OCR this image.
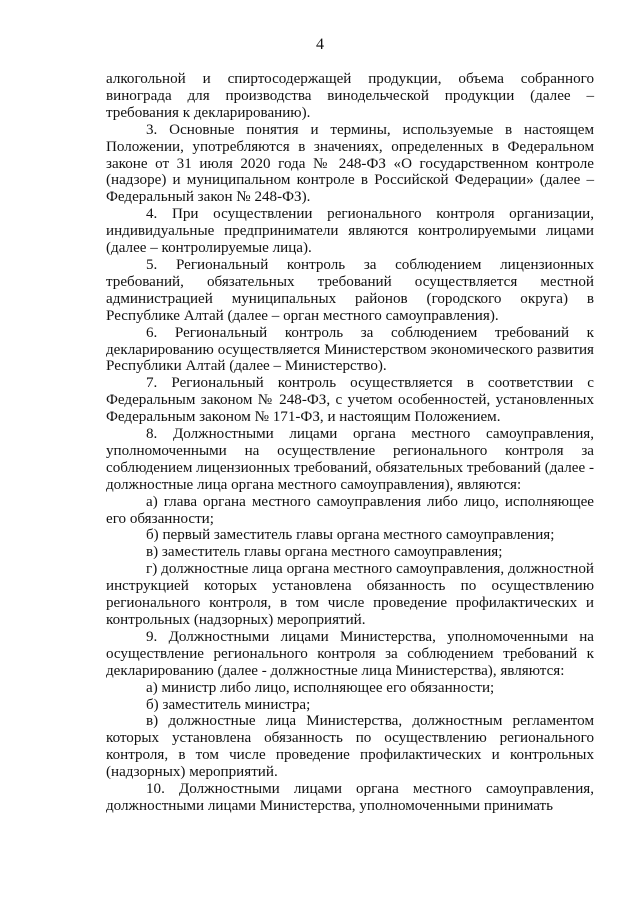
4

алкогольной и спиртосодержащей продукции, объема собранного винограда для производства винодельческой продукции (далее – требования к декларированию).

3. Основные понятия и термины, используемые в настоящем Положении, употребляются в значениях, определенных в Федеральном законе от 31 июля 2020 года № 248-ФЗ «О государственном контроле (надзоре) и муниципальном контроле в Российской Федерации» (далее – Федеральный закон № 248-ФЗ).

4. При осуществлении регионального контроля организации, индивидуальные предприниматели являются контролируемыми лицами (далее – контролируемые лица).

5. Региональный контроль за соблюдением лицензионных требований, обязательных требований осуществляется местной администрацией муниципальных районов (городского округа) в Республике Алтай (далее – орган местного самоуправления).

6. Региональный контроль за соблюдением требований к декларированию осуществляется Министерством экономического развития Республики Алтай (далее – Министерство).

7. Региональный контроль осуществляется в соответствии с Федеральным законом № 248-ФЗ, с учетом особенностей, установленных Федеральным законом № 171-ФЗ, и настоящим Положением.

8. Должностными лицами органа местного самоуправления, уполномоченными на осуществление регионального контроля за соблюдением лицензионных требований, обязательных требований (далее - должностные лица органа местного самоуправления), являются:

а) глава органа местного самоуправления либо лицо, исполняющее его обязанности;

б) первый заместитель главы органа местного самоуправления;

в) заместитель главы органа местного самоуправления;

г) должностные лица органа местного самоуправления, должностной инструкцией которых установлена обязанность по осуществлению регионального контроля, в том числе проведение профилактических и контрольных (надзорных) мероприятий.

9. Должностными лицами Министерства, уполномоченными на осуществление регионального контроля за соблюдением требований к декларированию (далее - должностные лица Министерства), являются:

а) министр либо лицо, исполняющее его обязанности;

б) заместитель министра;

в) должностные лица Министерства, должностным регламентом которых установлена обязанность по осуществлению регионального контроля, в том числе проведение профилактических и контрольных (надзорных) мероприятий.

10. Должностными лицами органа местного самоуправления, должностными лицами Министерства, уполномоченными принимать
